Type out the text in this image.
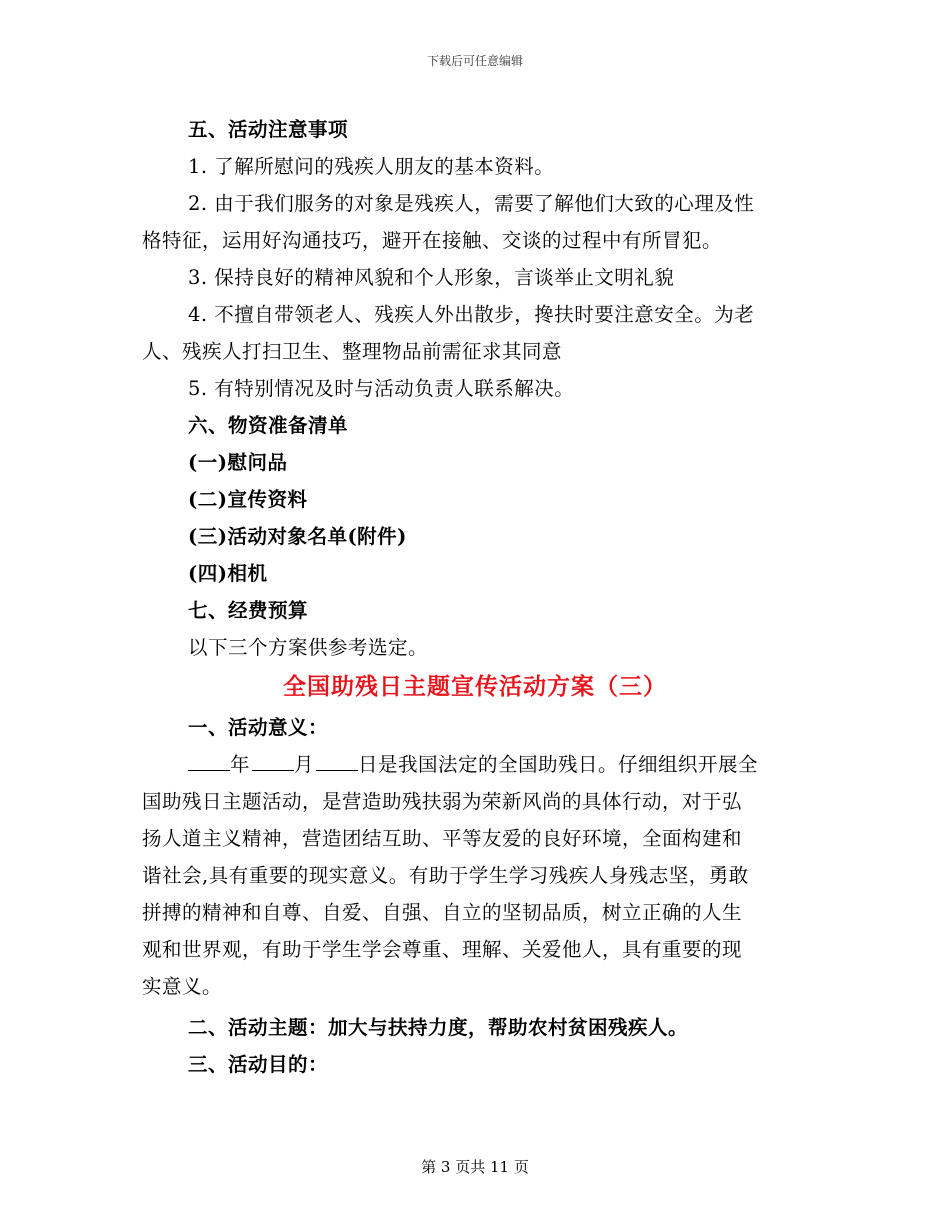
下载后可任意编辑
五、活动注意事项
1. 了解所慰问的残疾人朋友的基本资料。
2. 由于我们服务的对象是残疾人，需要了解他们大致的心理及性
格特征，运用好沟通技巧，避开在接触、交谈的过程中有所冒犯。
3. 保持良好的精神风貌和个人形象，言谈举止文明礼貌
4. 不擅自带领老人、残疾人外出散步，搀扶时要注意安全。为老
人、残疾人打扫卫生、整理物品前需征求其同意
5. 有特别情况及时与活动负责人联系解决。
六、物资准备清单
(一)慰问品
(二)宣传资料
(三)活动对象名单(附件)
(四)相机
七、经费预算
以下三个方案供参考选定。
全国助残日主题宣传活动方案（三）
一、活动意义：
年 月 日是我国法定的全国助残日。仔细组织开展全
国助残日主题活动，是营造助残扶弱为荣新风尚的具体行动，对于弘
扬人道主义精神，营造团结互助、平等友爱的良好环境，全面构建和
谐社会,具有重要的现实意义。有助于学生学习残疾人身残志坚，勇敢
拼搏的精神和自尊、自爱、自强、自立的坚韧品质，树立正确的人生
观和世界观，有助于学生学会尊重、理解、关爱他人，具有重要的现
实意义。
二、活动主题：加大与扶持力度，帮助农村贫困残疾人。
三、活动目的：
第 3 页共 11 页
